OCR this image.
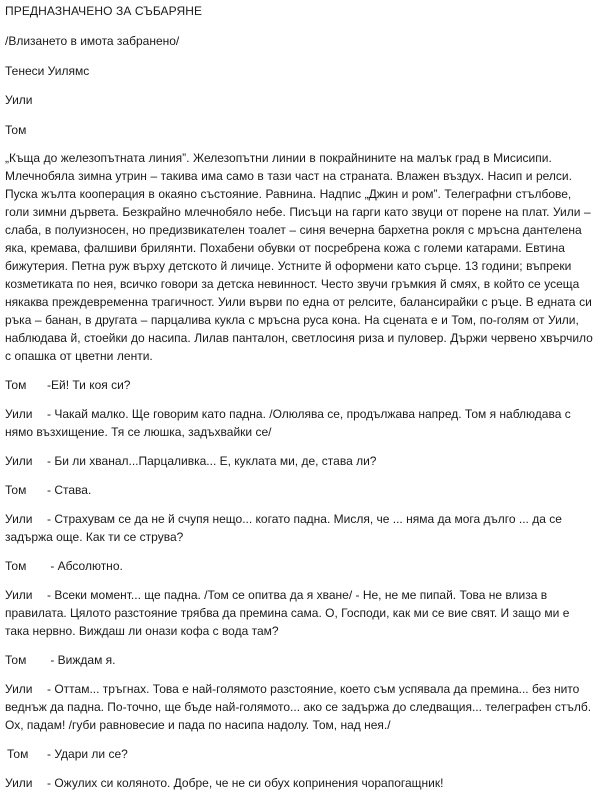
ПРЕДНАЗНАЧЕНО ЗА СЪБАРЯНЕ

/Влизането в имота забранено/

Тенеси Уилямс

Уили

Том

„Къща до железопътната линия”. Железопътни линии в покрайнините на малък град в Мисисипи. Млечнобяла зимна утрин – такива има само в тази част на страната. Влажен въздух. Насип и релси. Пуска жълта кооперация в окаяно състояние. Равнина. Надпис „Джин и ром”. Телеграфни стълбове, голи зимни дървета. Безкрайно млечнобяло небе. Писъци на гарги като звуци от порене на плат. Уили – слаба, в полуизносен, но предизвикателен тоалет – синя вечерна бархетна рокля с мръсна дантелена яка, кремава, фалшиви брилянти. Похабени обувки от посребрена кожа с големи катарами. Евтина бижутерия. Петна руж върху детското й личице. Устните й оформени като сърце. 13 години; въпреки козметиката по нея, всичко говори за детска невинност. Често звучи гръмкия й смях, в който се усеща някаква преждевременна трагичност. Уили върви по една от релсите, балансирайки с ръце. В едната си ръка – банан, в другата – парцалива кукла с мръсна руса кона. На сцената е и Том, по-голям от Уили, наблюдава й, стоейки до насипа. Лилав панталон, светлосиня риза и пуловер. Държи червено хвърчило с опашка от цветни ленти.

Том -Ей! Ти коя си?

Уили - Чакай малко. Ще говорим като падна. /Олюлява се, продължава напред. Том я наблюдава с нямо възхищение. Тя се люшка, задъхвайки се/

Уили - Би ли хванал...Парцаливка... Е, куклата ми, де, става ли?

Том - Става.

Уили - Страхувам се да не й счупя нещо... когато падна. Мисля, че ... няма да мога дълго ... да се задържа още. Как ти се струва?

Том - Абсолютно.

Уили - Всеки момент... ще падна. /Том се опитва да я хване/ - Не, не ме пипай. Това не влиза в правилата. Цялото разстояние трябва да премина сама. О, Господи, как ми се вие свят. И защо ми е така нервно. Виждаш ли онази кофа с вода там?

Том - Виждам я.

Уили - Оттам... тръгнах. Това е най-голямото разстояние, което съм успявала да премина... без нито веднъж да падна. По-точно, ще бъде най-голямото... ако се задържа до следващия... телеграфен стълб. Ох, падам! /губи равновесие и пада по насипа надолу. Том, над нея./

Том - Удари ли се?

Уили - Ожулих си коляното. Добре, че не си обух копринения чорапогащник!
